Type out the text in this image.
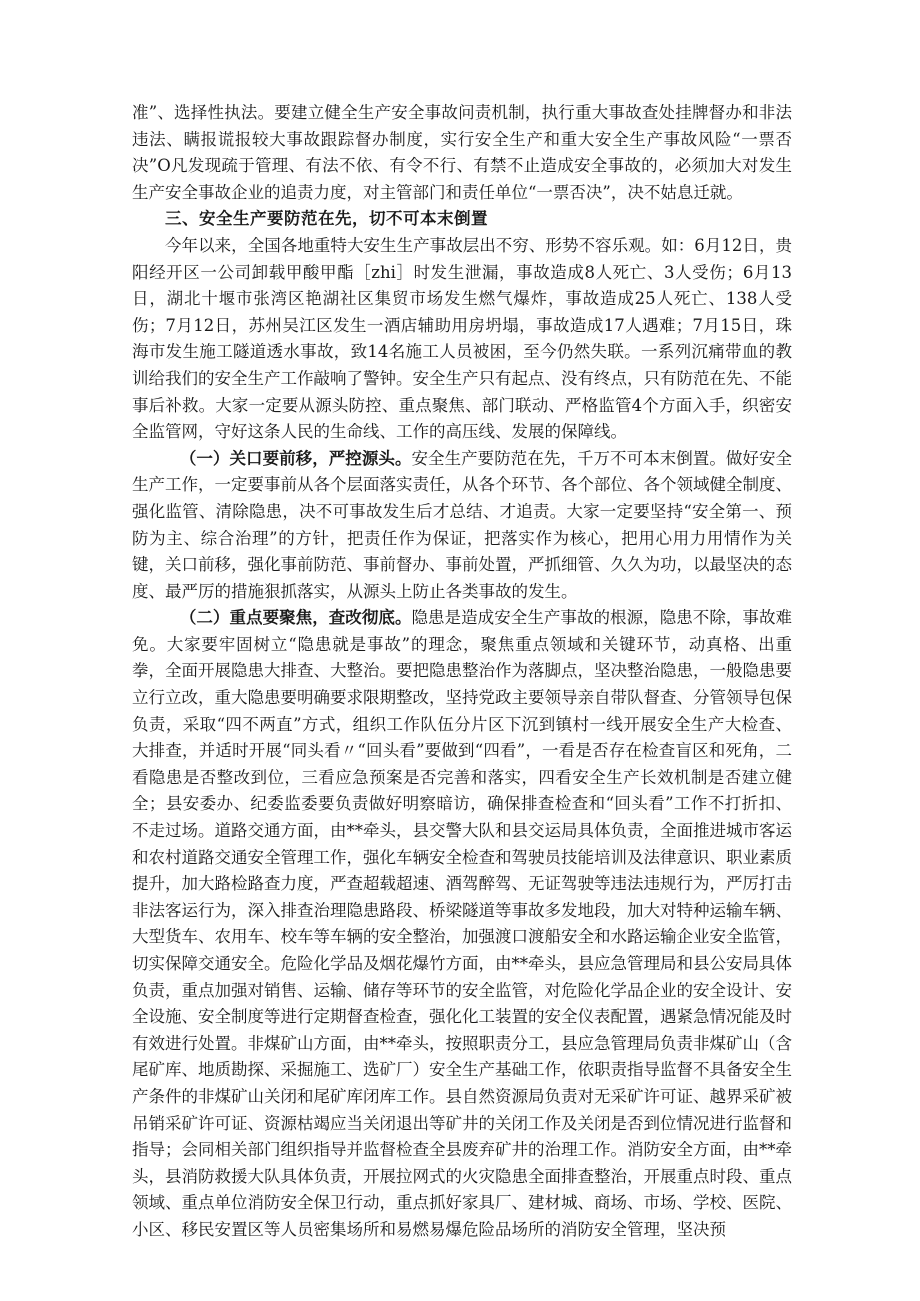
准”、选择性执法。要建立健全生产安全事故问责机制，执行重大事故查处挂牌督办和非法违法、瞒报谎报较大事故跟踪督办制度，实行安全生产和重大安全生产事故风险“一票否决”O凡发现疏于管理、有法不依、有令不行、有禁不止造成安全事故的，必须加大对发生生产安全事故企业的追责力度，对主管部门和责任单位“一票否决”，决不姑息迁就。

三、安全生产要防范在先，切不可本末倒置

今年以来，全国各地重特大安生生产事故层出不穷、形势不容乐观。如：6月12日，贵阳经开区一公司卸载甲酸甲酯［zhi］时发生泄漏，事故造成8人死亡、3人受伤；6月13日，湖北十堰市张湾区艳湖社区集贸市场发生燃气爆炸，事故造成25人死亡、138人受伤；7月12日，苏州吴江区发生一酒店辅助用房坍塌，事故造成17人遇难；7月15日，珠海市发生施工隧道透水事故，致14名施工人员被困，至今仍然失联。一系列沉痛带血的教训给我们的安全生产工作敲响了警钟。安全生产只有起点、没有终点，只有防范在先、不能事后补救。大家一定要从源头防控、重点聚焦、部门联动、严格监管4个方面入手，织密安全监管网，守好这条人民的生命线、工作的高压线、发展的保障线。

（一）关口要前移，严控源头。安全生产要防范在先，千万不可本末倒置。做好安全生产工作，一定要事前从各个层面落实责任，从各个环节、各个部位、各个领域健全制度、强化监管、清除隐患，决不可事故发生后才总结、才追责。大家一定要坚持“安全第一、预防为主、综合治理”的方针，把责任作为保证，把落实作为核心，把用心用力用情作为关键，关口前移，强化事前防范、事前督办、事前处置，严抓细管、久久为功，以最坚决的态度、最严厉的措施狠抓落实，从源头上防止各类事故的发生。

（二）重点要聚焦，查改彻底。隐患是造成安全生产事故的根源，隐患不除，事故难免。大家要牢固树立“隐患就是事故”的理念，聚焦重点领域和关键环节，动真格、出重拳，全面开展隐患大排查、大整治。要把隐患整治作为落脚点，坚决整治隐患，一般隐患要立行立改，重大隐患要明确要求限期整改，坚持党政主要领导亲自带队督查、分管领导包保负责，采取“四不两直”方式，组织工作队伍分片区下沉到镇村一线开展安全生产大检查、大排查，并适时开展“同头看〃“回头看”要做到“四看”，一看是否存在检查盲区和死角，二看隐患是否整改到位，三看应急预案是否完善和落实，四看安全生产长效机制是否建立健全；县安委办、纪委监委要负责做好明察暗访，确保排查检查和“回头看”工作不打折扣、不走过场。道路交通方面，由**牵头，县交警大队和县交运局具体负责，全面推进城市客运和农村道路交通安全管理工作，强化车辆安全检查和驾驶员技能培训及法律意识、职业素质提升，加大路检路查力度，严查超载超速、酒驾醉驾、无证驾驶等违法违规行为，严厉打击非法客运行为，深入排查治理隐患路段、桥梁隧道等事故多发地段，加大对特种运输车辆、大型货车、农用车、校车等车辆的安全整治，加强渡口渡船安全和水路运输企业安全监管，切实保障交通安全。危险化学品及烟花爆竹方面，由**牵头，县应急管理局和县公安局具体负责，重点加强对销售、运输、储存等环节的安全监管，对危险化学品企业的安全设计、安全设施、安全制度等进行定期督查检查，强化化工装置的安全仪表配置，遇紧急情况能及时有效进行处置。非煤矿山方面，由**牵头，按照职责分工，县应急管理局负责非煤矿山（含尾矿库、地质勘探、采掘施工、选矿厂）安全生产基础工作，依职责指导监督不具备安全生产条件的非煤矿山关闭和尾矿库闭库工作。县自然资源局负责对无采矿许可证、越界采矿被吊销采矿许可证、资源枯竭应当关闭退出等矿井的关闭工作及关闭是否到位情况进行监督和指导；会同相关部门组织指导并监督检查全县废弃矿井的治理工作。消防安全方面，由**牵头，县消防救援大队具体负责，开展拉网式的火灾隐患全面排查整治，开展重点时段、重点领域、重点单位消防安全保卫行动，重点抓好家具厂、建材城、商场、市场、学校、医院、小区、移民安置区等人员密集场所和易燃易爆危险品场所的消防安全管理，坚决预
